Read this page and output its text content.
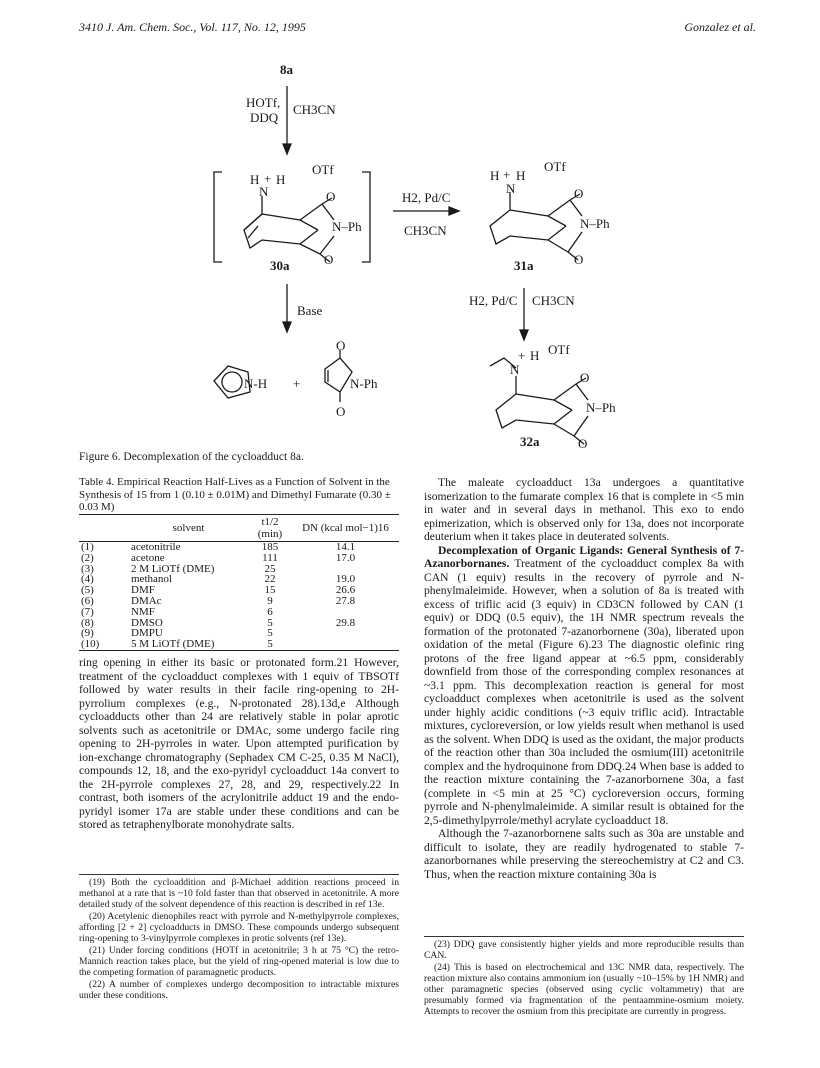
3410 J. Am. Chem. Soc., Vol. 117, No. 12, 1995	Gonzalez et al.
8a
HOTf,
DDQ
CH3CN
H + H
N
OTf
O
N–Ph
O
30a
H2, Pd/C
CH3CN
H + H
N
OTf
O
N–Ph
O
31a
H2, Pd/C CH3CN
+ H
N
OTf
O
N–Ph
O
32a
Base
N-H +	N-Ph
O
O
Figure 6. Decomplexation of the cycloadduct 8a.
Table 4. Empirical Reaction Half-Lives as a Function of Solvent in the Synthesis of 15 from 1 (0.10 ± 0.01M) and Dimethyl Fumarate (0.30 ± 0.03 M)
	solvent	t1/2 (min)	DN (kcal mol−1)16
(1)	acetonitrile	185	14.1
(2)	acetone	111	17.0
(3)	2 M LiOTf (DME)	25	
(4)	methanol	22	19.0
(5)	DMF	15	26.6
(6)	DMAc	9	27.8
(7)	NMF	6	
(8)	DMSO	5	29.8
(9)	DMPU	5	
(10)	5 M LiOTf (DME)	5	

ring opening in either its basic or protonated form.21 However, treatment of the cycloadduct complexes with 1 equiv of TBSOTf followed by water results in their facile ring-opening to 2H-pyrrolium complexes (e.g., N-protonated 28).13d,e Although cycloadducts other than 24 are relatively stable in polar aprotic solvents such as acetonitrile or DMAc, some undergo facile ring opening to 2H-pyrroles in water. Upon attempted purification by ion-exchange chromatography (Sephadex CM C-25, 0.35 M NaCl), compounds 12, 18, and the exo-pyridyl cycloadduct 14a convert to the 2H-pyrrole complexes 27, 28, and 29, respectively.22 In contrast, both isomers of the acrylonitrile adduct 19 and the endo-pyridyl isomer 17a are stable under these conditions and can be stored as tetraphenylborate monohydrate salts.

(19) Both the cycloaddition and β-Michael addition reactions proceed in methanol at a rate that is ~10 fold faster than that observed in acetonitrile. A more detailed study of the solvent dependence of this reaction is described in ref 13e.

(20) Acetylenic dienophiles react with pyrrole and N-methylpyrrole complexes, affording [2 + 2] cycloadducts in DMSO. These compounds undergo subsequent ring-opening to 3-vinylpyrrole complexes in protic solvents (ref 13e).

(21) Under forcing conditions (HOTf in acetonitrile; 3 h at 75 °C) the retro-Mannich reaction takes place, but the yield of ring-opened material is low due to the competing formation of paramagnetic products.

(22) A number of complexes undergo decomposition to intractable mixtures under these conditions.

The maleate cycloadduct 13a undergoes a quantitative isomerization to the fumarate complex 16 that is complete in <5 min in water and in several days in methanol. This exo to endo epimerization, which is observed only for 13a, does not incorporate deuterium when it takes place in deuterated solvents.

Decomplexation of Organic Ligands: General Synthesis of 7-Azanorbornanes. Treatment of the cycloadduct complex 8a with CAN (1 equiv) results in the recovery of pyrrole and N-phenylmaleimide. However, when a solution of 8a is treated with excess of triflic acid (3 equiv) in CD3CN followed by CAN (1 equiv) or DDQ (0.5 equiv), the 1H NMR spectrum reveals the formation of the protonated 7-azanorbornene (30a), liberated upon oxidation of the metal (Figure 6).23 The diagnostic olefinic ring protons of the free ligand appear at ~6.5 ppm, considerably downfield from those of the corresponding complex resonances at ~3.1 ppm. This decomplexation reaction is general for most cycloadduct complexes when acetonitrile is used as the solvent under highly acidic conditions (~3 equiv triflic acid). Intractable mixtures, cycloreversion, or low yields result when methanol is used as the solvent. When DDQ is used as the oxidant, the major products of the reaction other than 30a included the osmium(III) acetonitrile complex and the hydroquinone from DDQ.24 When base is added to the reaction mixture containing the 7-azanorbornene 30a, a fast (complete in <5 min at 25 °C) cycloreversion occurs, forming pyrrole and N-phenylmaleimide. A similar result is obtained for the 2,5-dimethylpyrrole/methyl acrylate cycloadduct 18.

Although the 7-azanorbornene salts such as 30a are unstable and difficult to isolate, they are readily hydrogenated to stable 7-azanorbornanes while preserving the stereochemistry at C2 and C3. Thus, when the reaction mixture containing 30a is

(23) DDQ gave consistently higher yields and more reproducible results than CAN.

(24) This is based on electrochemical and 13C NMR data, respectively. The reaction mixture also contains ammonium ion (usually ~10–15% by 1H NMR) and other paramagnetic species (observed using cyclic voltammetry) that are presumably formed via fragmentation of the pentaammine-osmium moiety. Attempts to recover the osmium from this precipitate are currently in progress.
